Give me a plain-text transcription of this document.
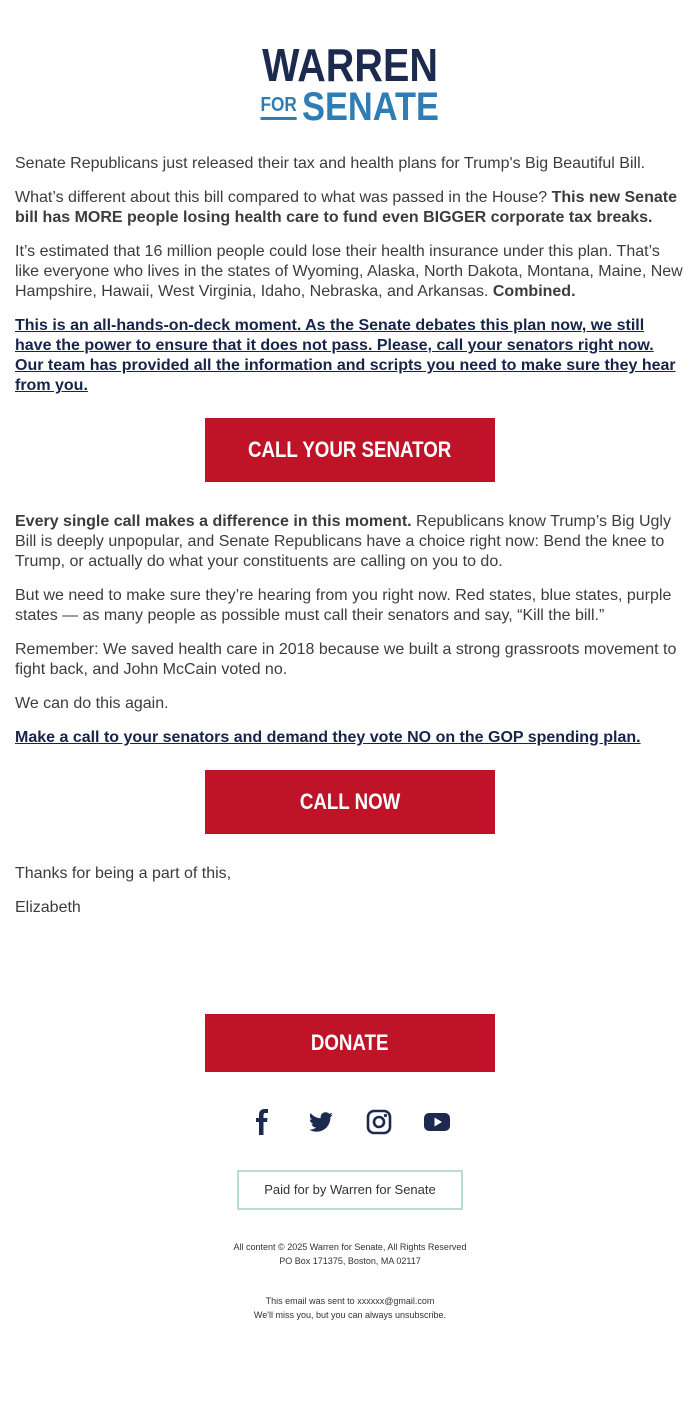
WARREN
FOR SENATE

Senate Republicans just released their tax and health plans for Trump's Big Beautiful Bill.

What’s different about this bill compared to what was passed in the House? This new Senate bill has MORE people losing health care to fund even BIGGER corporate tax breaks.

It’s estimated that 16 million people could lose their health insurance under this plan. That’s like everyone who lives in the states of Wyoming, Alaska, North Dakota, Montana, Maine, New Hampshire, Hawaii, West Virginia, Idaho, Nebraska, and Arkansas. Combined.

This is an all-hands-on-deck moment. As the Senate debates this plan now, we still have the power to ensure that it does not pass. Please, call your senators right now. Our team has provided all the information and scripts you need to make sure they hear from you.

CALL YOUR SENATOR

Every single call makes a difference in this moment. Republicans know Trump’s Big Ugly Bill is deeply unpopular, and Senate Republicans have a choice right now: Bend the knee to Trump, or actually do what your constituents are calling on you to do.

But we need to make sure they’re hearing from you right now. Red states, blue states, purple states — as many people as possible must call their senators and say, “Kill the bill.”

Remember: We saved health care in 2018 because we built a strong grassroots movement to fight back, and John McCain voted no.

We can do this again.

Make a call to your senators and demand they vote NO on the GOP spending plan.

CALL NOW

Thanks for being a part of this,

Elizabeth

DONATE
Paid for by Warren for Senate
All content © 2025 Warren for Senate, All Rights Reserved
PO Box 171375, Boston, MA 02117
This email was sent to xxxxxx@gmail.com
We'll miss you, but you can always unsubscribe.
